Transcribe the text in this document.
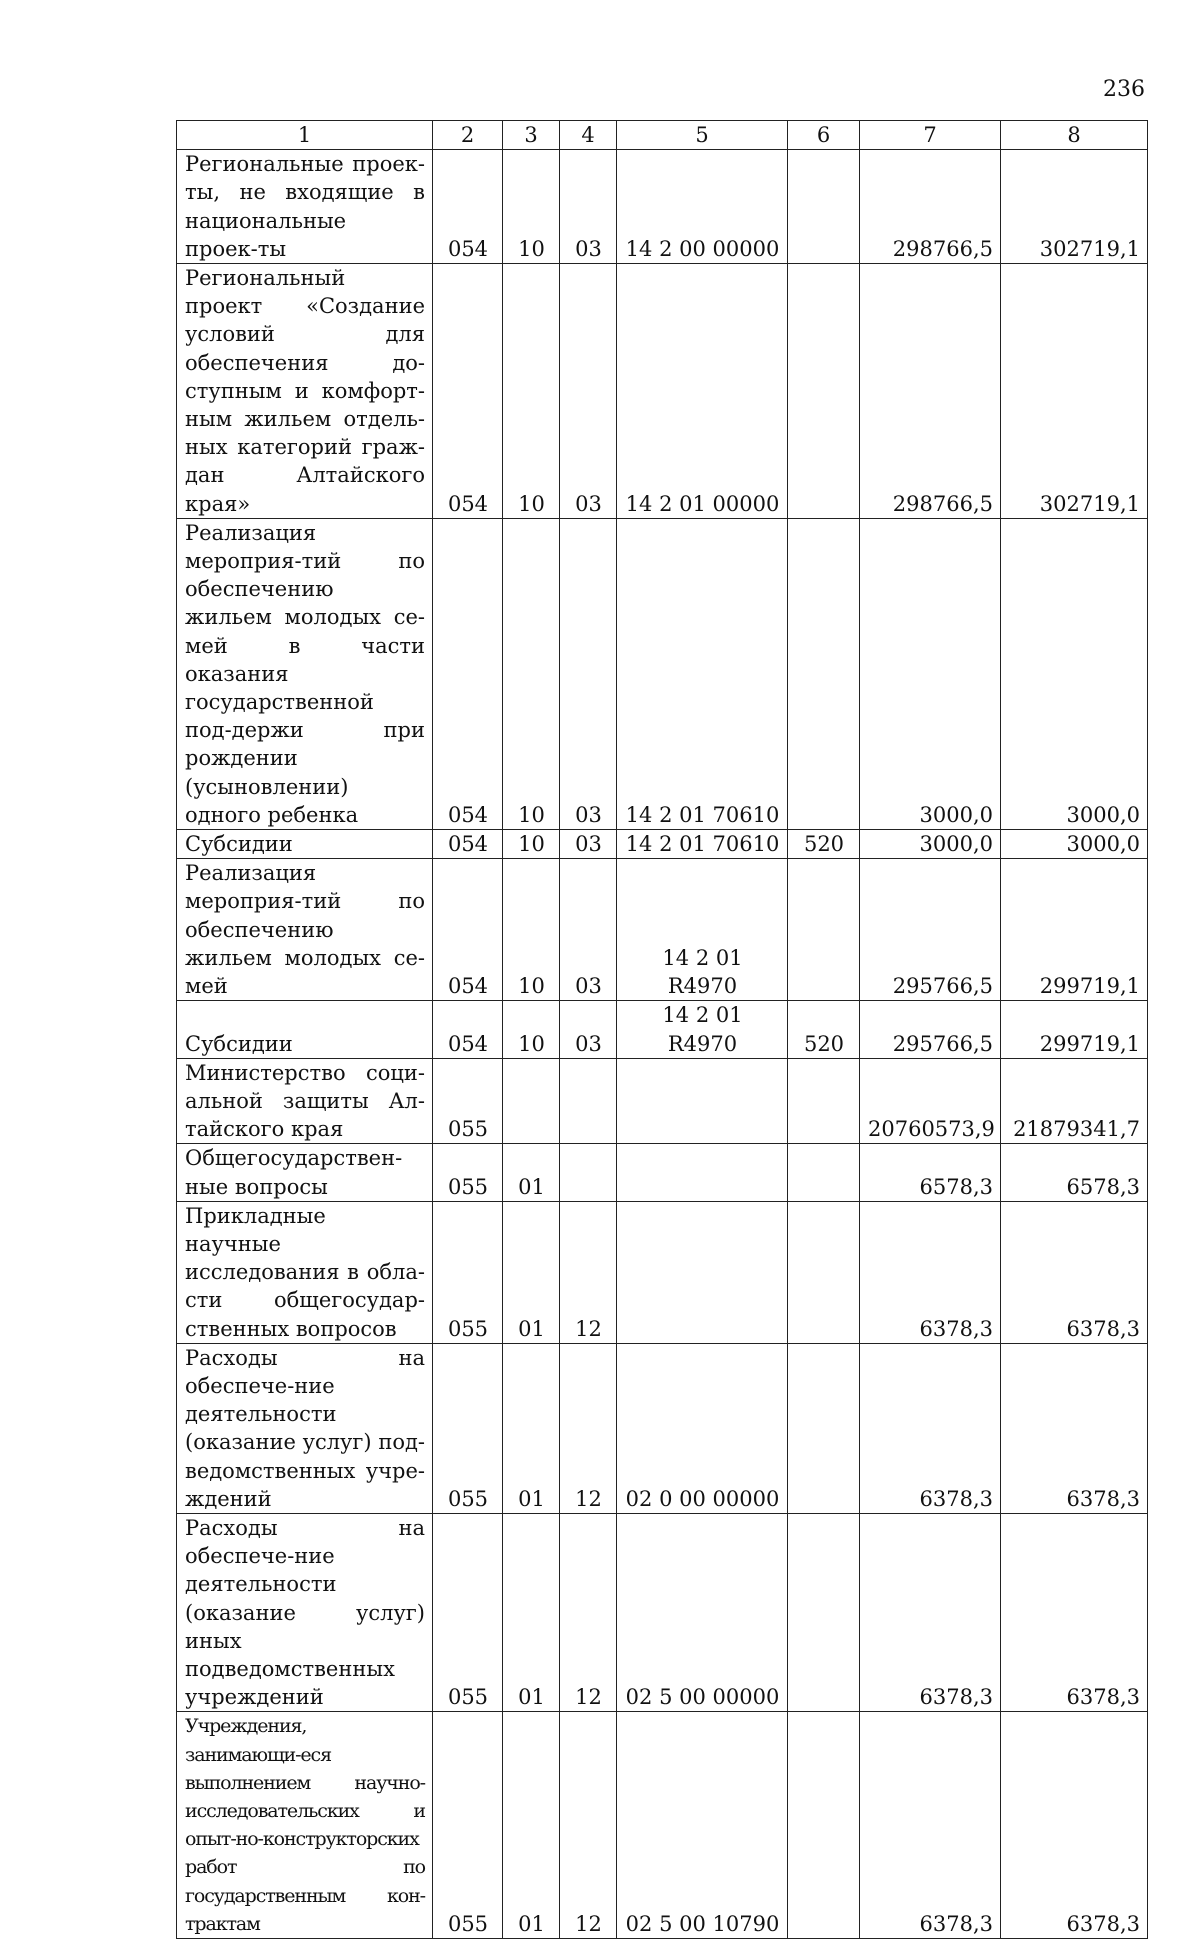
236
1	2	3	4	5	6	7	8
Региональные проек-ты, не входящие в национальные проек-ты	054	10	03	14 2 00 00000		298766,5	302719,1
Региональный проект «Создание условий для обеспечения до-ступным и комфорт-ным жильем отдель-ных категорий граж-дан Алтайского края»	054	10	03	14 2 01 00000		298766,5	302719,1
Реализация мероприя-тий по обеспечению жильем молодых се-мей в части оказания государственной под-держи при рождении (усыновлении) одного ребенка	054	10	03	14 2 01 70610		3000,0	3000,0
Субсидии	054	10	03	14 2 01 70610	520	3000,0	3000,0
Реализация мероприя-тий по обеспечению жильем молодых се-мей	054	10	03	14 2 01 R4970		295766,5	299719,1
Субсидии	054	10	03	14 2 01 R4970	520	295766,5	299719,1
Министерство соци-альной защиты Ал-тайского края	055					20760573,9	21879341,7
Общегосударствен-ные вопросы	055	01				6578,3	6578,3
Прикладные научные исследования в обла-сти общегосудар-ственных вопросов	055	01	12			6378,3	6378,3
Расходы на обеспече-ние деятельности (оказание услуг) под-ведомственных учре-ждений	055	01	12	02 0 00 00000		6378,3	6378,3
Расходы на обеспече-ние деятельности (оказание услуг) иных подведомственных учреждений	055	01	12	02 5 00 00000		6378,3	6378,3
Учреждения, занимающи-еся выполнением научно-исследовательских и опыт-но-конструкторских работ по государственным кон-трактам	055	01	12	02 5 00 10790		6378,3	6378,3
